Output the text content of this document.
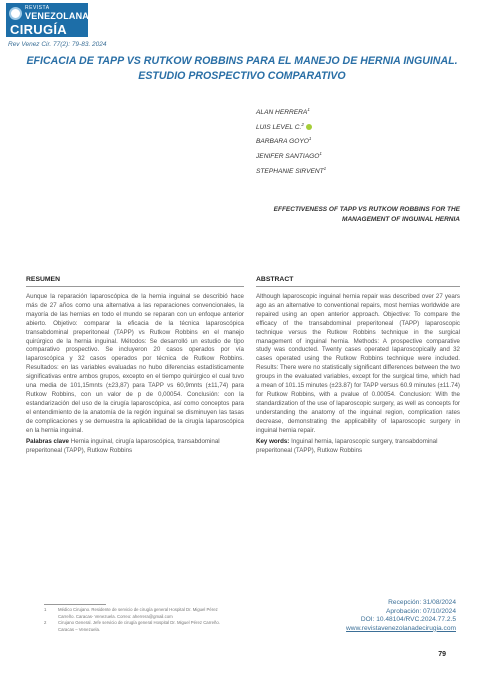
REVISTA
VENEZOLANA
CIRUGÍA
Rev Venez Cir. 77(2): 79-83. 2024
EFICACIA DE TAPP VS RUTKOW ROBBINS PARA EL MANEJO DE HERNIA INGUINAL. ESTUDIO PROSPECTIVO COMPARATIVO
ALAN HERRERA$^1$
LUIS LEVEL C.$^2$
BARBARA GOYO$^1$
JENIFER SANTIAGO$^1$
STEPHANIE SIRVENT$^1$
EFFECTIVENESS OF TAPP VS RUTKOW ROBBINS FOR THE MANAGEMENT OF INGUINAL HERNIA
RESUMEN

Aunque la reparación laparoscópica de la hernia inguinal se describió hace más de 27 años como una alternativa a las reparaciones convencionales, la mayoría de las hernias en todo el mundo se reparan con un enfoque anterior abierto. Objetivo: comparar la eficacia de la técnica laparoscópica transabdominal preperitoneal (TAPP) vs Rutkow Robbins en el manejo quirúrgico de la hernia inguinal. Métodos: Se desarrolló un estudio de tipo comparativo prospectivo. Se incluyeron 20 casos operados por vía laparoscópica y 32 casos operados por técnica de Rutkow Robbins. Resultados: en las variables evaluadas no hubo diferencias estadísticamente significativas entre ambos grupos, excepto en el tiempo quirúrgico el cual tuvo una media de 101,15mnts (±23,87) para TAPP vs 60,9mnts (±11,74) para Rutkow Robbins, con un valor de p de 0,00054. Conclusión: con la estandarización del uso de la cirugía laparoscópica, así como conceptos para el entendimiento de la anatomía de la región inguinal se disminuyen las tasas de complicaciones y se demuestra la aplicabilidad de la cirugía laparoscópica en la hernia inguinal.

ABSTRACT

Although laparoscopic inguinal hernia repair was described over 27 years ago as an alternative to conventional repairs, most hernias worldwide are repaired using an open anterior approach. Objective: To compare the efficacy of the transabdominal preperitoneal (TAPP) laparoscopic technique versus the Rutkow Robbins technique in the surgical management of inguinal hernia. Methods: A prospective comparative study was conducted. Twenty cases operated laparoscopically and 32 cases operated using the Rutkow Robbins technique were included. Results: There were no statistically significant differences between the two groups in the evaluated variables, except for the surgical time, which had a mean of 101.15 minutes (±23.87) for TAPP versus 60.9 minutes (±11.74) for Rutkow Robbins, with a pvalue of 0.00054. Conclusion: With the standardization of the use of laparoscopic surgery, as well as concepts for understanding the anatomy of the inguinal region, complication rates decrease, demonstrating the applicability of laparoscopic surgery in inguinal hernia repair.

Palabras clave Hernia inguinal, cirugía laparoscópica, transabdominal preperitoneal (TAPP), Rutkow Robbins

Key words: Inguinal hernia, laparoscopic surgery, transabdominal preperitoneal (TAPP), Rutkow Robbins

1	Médico Cirujano. Residente de servicio de cirugía general Hospital Dr. Miguel Pérez Carreño. Caracas- Venezuela. Correo: aherrera@gmail.com
2	Cirujano General. Jefe servicio de cirugía general Hospital Dr. Miguel Pérez Carreño. Caracas – Venezuela.
Recepción: 31/08/2024
Aprobación: 07/10/2024
DOI: 10.48104/RVC.2024.77.2.5
www.revistavenezolanadecirugia.com
79
